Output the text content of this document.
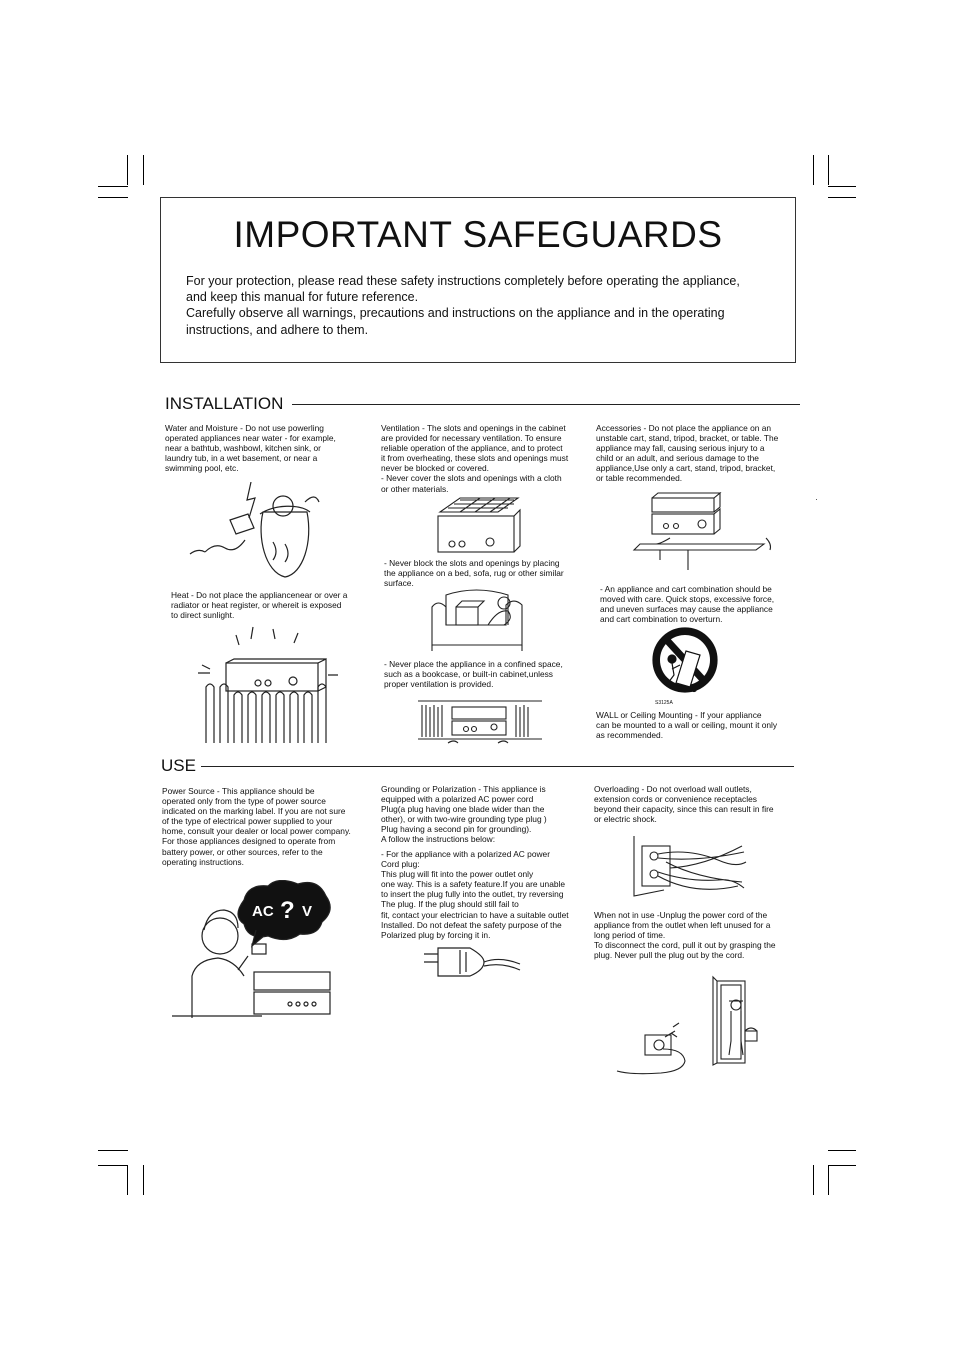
IMPORTANT SAFEGUARDS

For your protection, please read these safety instructions completely before operating the appliance,

and keep this manual for future reference.

Carefully observe all warnings, precautions and instructions on the appliance and in the operating

instructions, and adhere to them.

INSTALLATION

Water and Moisture - Do not use powerling

operated appliances near water - for example,

near a bathtub, washbowl, kitchen sink, or

laundry tub, in a wet basement, or near a

swimming pool, etc.

Heat - Do not place the appliancenear or over a

radiator or heat register, or whereit is exposed

to direct sunlight.

Ventilation - The slots and openings in the cabinet

are provided for necessary ventilation. To ensure

reliable operation of the appliance, and to protect

it from overheating, these slots and openings must

never be blocked or covered.

- Never cover the slots and openings with a cloth

or other materials.

- Never block the slots and openings by placing

the appliance on a bed, sofa, rug or other similar

surface.

- Never place the appliance in a confined space,

such as a bookcase, or built-in cabinet,unless

proper ventilation is provided.

Accessories - Do not place the appliance on an

unstable cart, stand, tripod, bracket, or table. The

appliance may fall, causing serious injury to a

child or an adult, and serious damage to the

appliance,Use only a cart, stand, tripod, bracket,

or table recommended.

- An appliance and cart combination should be

moved with care. Quick stops, excessive force,

and uneven surfaces may cause the appliance

and cart combination to overturn.

S3125A

WALL or Ceiling Mounting - If your appliance

can be mounted to a wall or ceiling, mount it only

as recommended.

USE

Power Source - This appliance should be

operated only from the type of power source

indicated on the marking label. If you are not sure

of the type of electrical power supplied to your

home, consult your dealer or local power company.

For those appliances designed to operate from

battery power, or other sources, refer to the

operating instructions.

AC ? V

Grounding or Polarization - This appliance is

equipped with a polarized AC power cord

Plug(a plug having one blade wider than the

other), or with two-wire grounding type plug )

Plug having a second pin for grounding).

A follow the instructions below:

- For the appliance with a polarized AC power

Cord plug:

This plug will fit into the power outlet only

one way. This is a safety feature.If you are unable

to insert the plug fully into the outlet, try reversing

The plug. If the plug should still fail to

fit, contact your electrician to have a suitable outlet

Installed. Do not defeat the safety purpose of the

Polarized plug by forcing it in.

Overloading - Do not overload wall outlets,

extension cords or convenience receptacles

beyond their capacity, since this can result in fire

or electric shock.

When not in use -Unplug the power cord of the

appliance from the outlet when left unused for a

long period of time.

To disconnect the cord, pull it out by grasping the

plug. Never pull the plug out by the cord.

·
